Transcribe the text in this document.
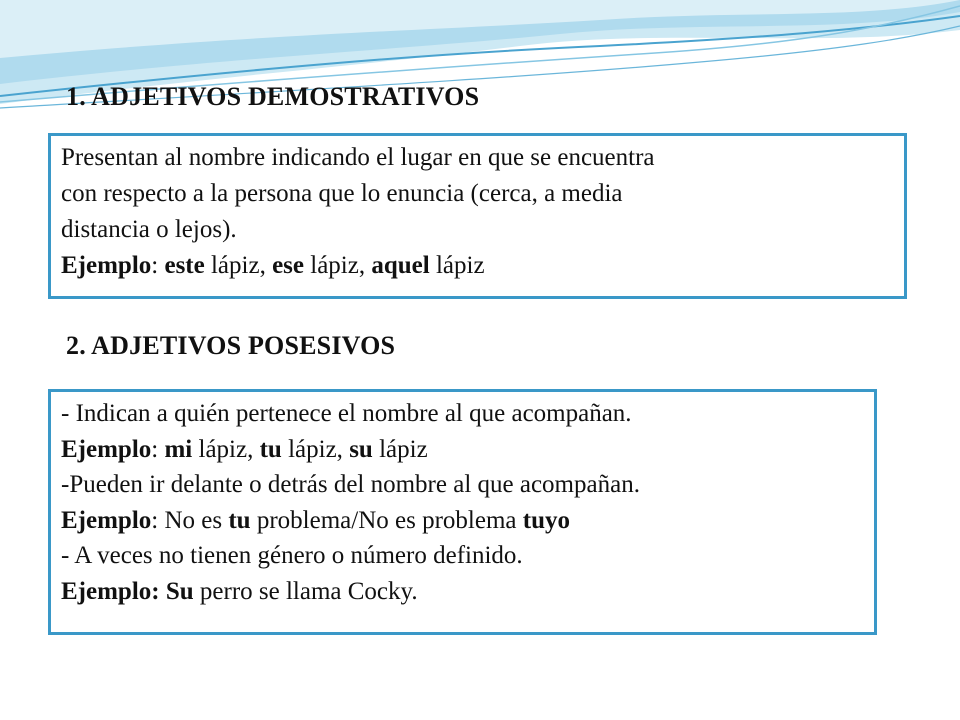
1. ADJETIVOS DEMOSTRATIVOS
Presentan al nombre indicando el lugar en que se encuentra
con respecto a la persona que lo enuncia (cerca, a media
distancia o lejos).
Ejemplo: este lápiz, ese lápiz, aquel lápiz
2. ADJETIVOS POSESIVOS
- Indican a quién pertenece el nombre al que acompañan.
Ejemplo: mi lápiz, tu lápiz, su lápiz
-Pueden ir delante o detrás del nombre al que acompañan.
Ejemplo: No es tu problema/No es problema tuyo
- A veces no tienen género o número definido.
Ejemplo: Su perro se llama Cocky.
